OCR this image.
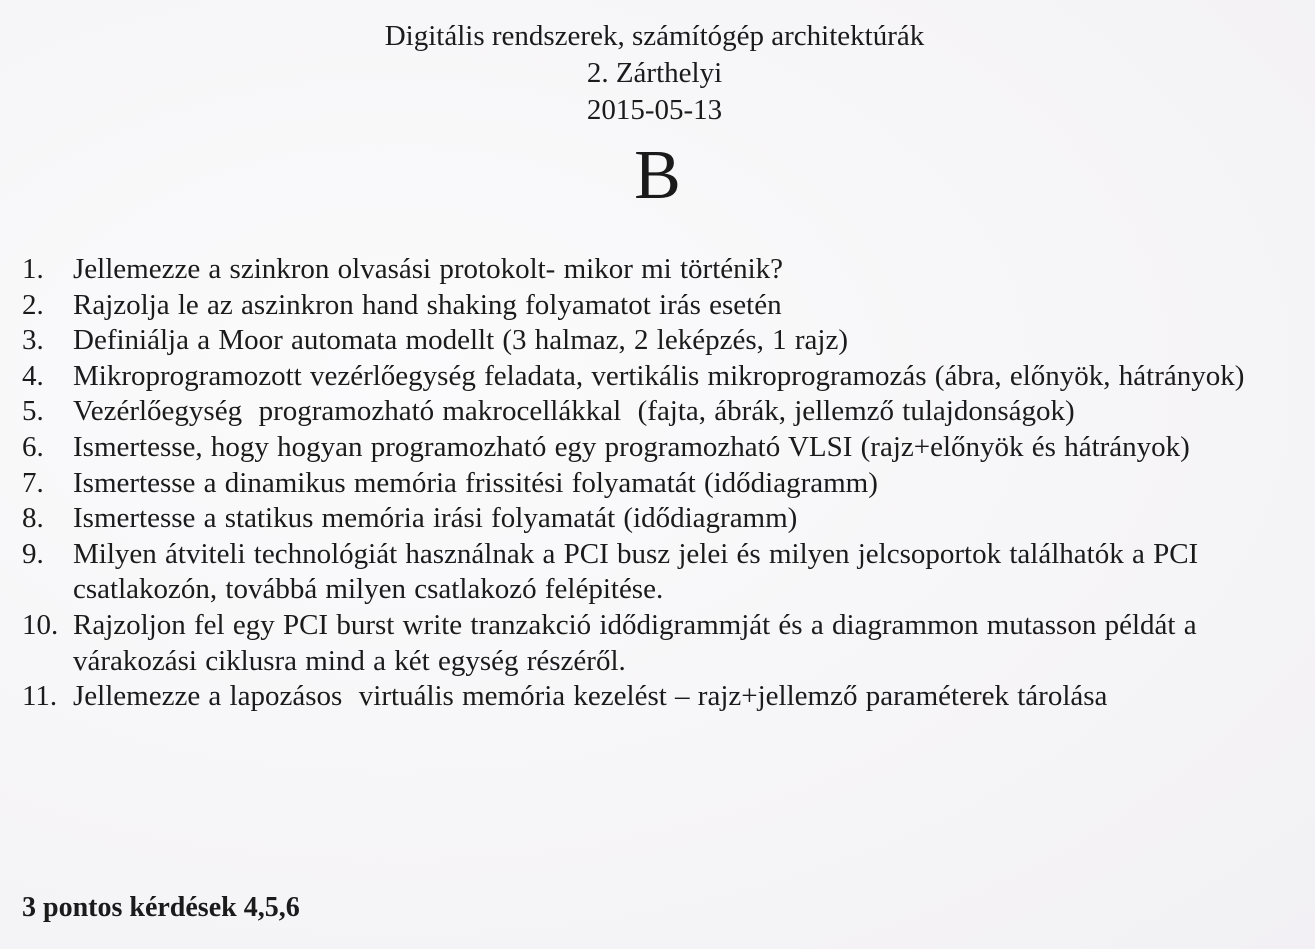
Digitális rendszerek, számítógép architektúrák
2. Zárthelyi
2015-05-13
B
1. Jellemezze a szinkron olvasási protokolt- mikor mi történik?
2. Rajzolja le az aszinkron hand shaking folyamatot irás esetén
3. Definiálja a Moor automata modellt (3 halmaz, 2 leképzés, 1 rajz)
4. Mikroprogramozott vezérlőegység feladata, vertikális mikroprogramozás (ábra, előnyök, hátrányok)
5. Vezérlőegység  programozható makrocellákkal  (fajta, ábrák, jellemző tulajdonságok)
6. Ismertesse, hogy hogyan programozható egy programozható VLSI (rajz+előnyök és hátrányok)
7. Ismertesse a dinamikus memória frissitési folyamatát (idődiagramm)
8. Ismertesse a statikus memória irási folyamatát (idődiagramm)
9. Milyen átviteli technológiát használnak a PCI busz jelei és milyen jelcsoportok találhatók a PCI csatlakozón, továbbá milyen csatlakozó felépitése.
10. Rajzoljon fel egy PCI burst write tranzakció idődigrammját és a diagrammon mutasson példát a várakozási ciklusra mind a két egység részéről.
11. Jellemezze a lapozásos  virtuális memória kezelést – rajz+jellemző paraméterek tárolása
3 pontos kérdések 4,5,6
